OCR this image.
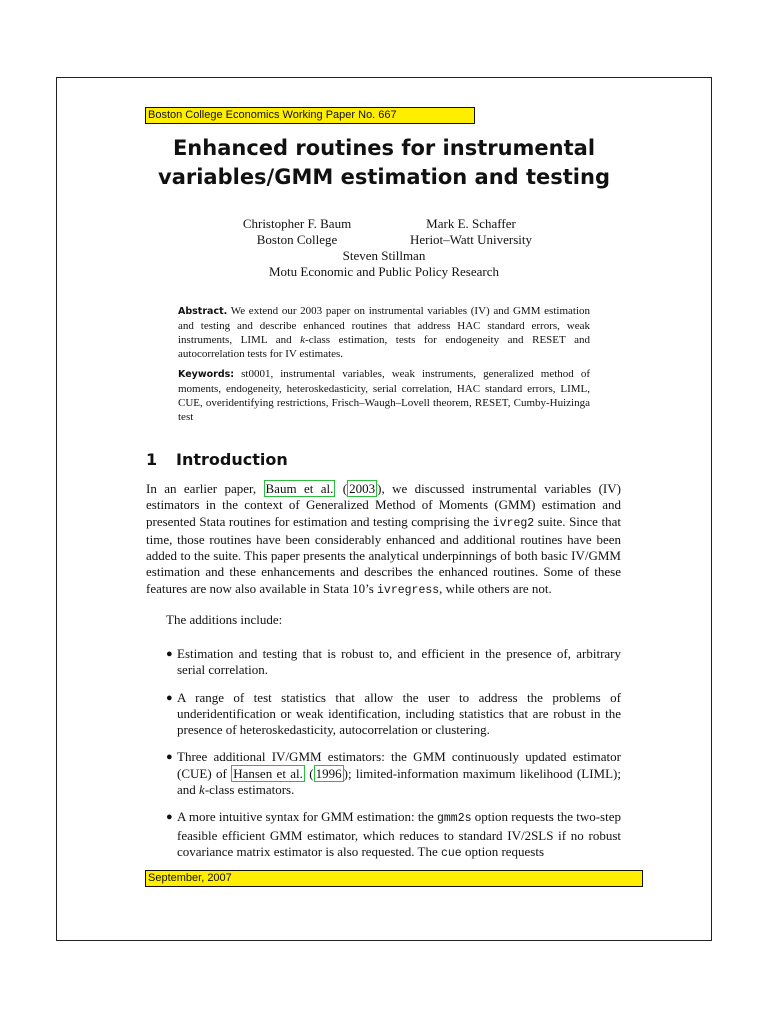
Boston College Economics Working Paper No. 667
Enhanced routines for instrumental
variables/GMM estimation and testing
Christopher F. Baum
Boston College
Mark E. Schaffer
Heriot–Watt University
Steven Stillman
Motu Economic and Public Policy Research

Abstract. We extend our 2003 paper on instrumental variables (IV) and GMM estimation and testing and describe enhanced routines that address HAC standard errors, weak instruments, LIML and k-class estimation, tests for endogeneity and RESET and autocorrelation tests for IV estimates.

Keywords: st0001, instrumental variables, weak instruments, generalized method of moments, endogeneity, heteroskedasticity, serial correlation, HAC standard errors, LIML, CUE, overidentifying restrictions, Frisch–Waugh–Lovell theorem, RESET, Cumby-Huizinga test

1 Introduction

In an earlier paper, Baum et al. ( 2003 ), we discussed instrumental variables (IV) estimators in the context of Generalized Method of Moments (GMM) estimation and presented Stata routines for estimation and testing comprising the ivreg2 suite. Since that time, those routines have been considerably enhanced and additional routines have been added to the suite. This paper presents the analytical underpinnings of both basic IV/GMM estimation and these enhancements and describes the enhanced routines. Some of these features are now also available in Stata 10’s ivregress, while others are not.

The additions include:

● Estimation and testing that is robust to, and efficient in the presence of, arbitrary serial correlation.
● A range of test statistics that allow the user to address the problems of underidentification or weak identification, including statistics that are robust in the presence of heteroskedasticity, autocorrelation or clustering.
● Three additional IV/GMM estimators: the GMM continuously updated estimator (CUE) of Hansen et al. ( 1996 ); limited-information maximum likelihood (LIML); and k-class estimators.
● A more intuitive syntax for GMM estimation: the gmm2s option requests the two-step feasible efficient GMM estimator, which reduces to standard IV/2SLS if no robust covariance matrix estimator is also requested. The cue option requests
September, 2007
